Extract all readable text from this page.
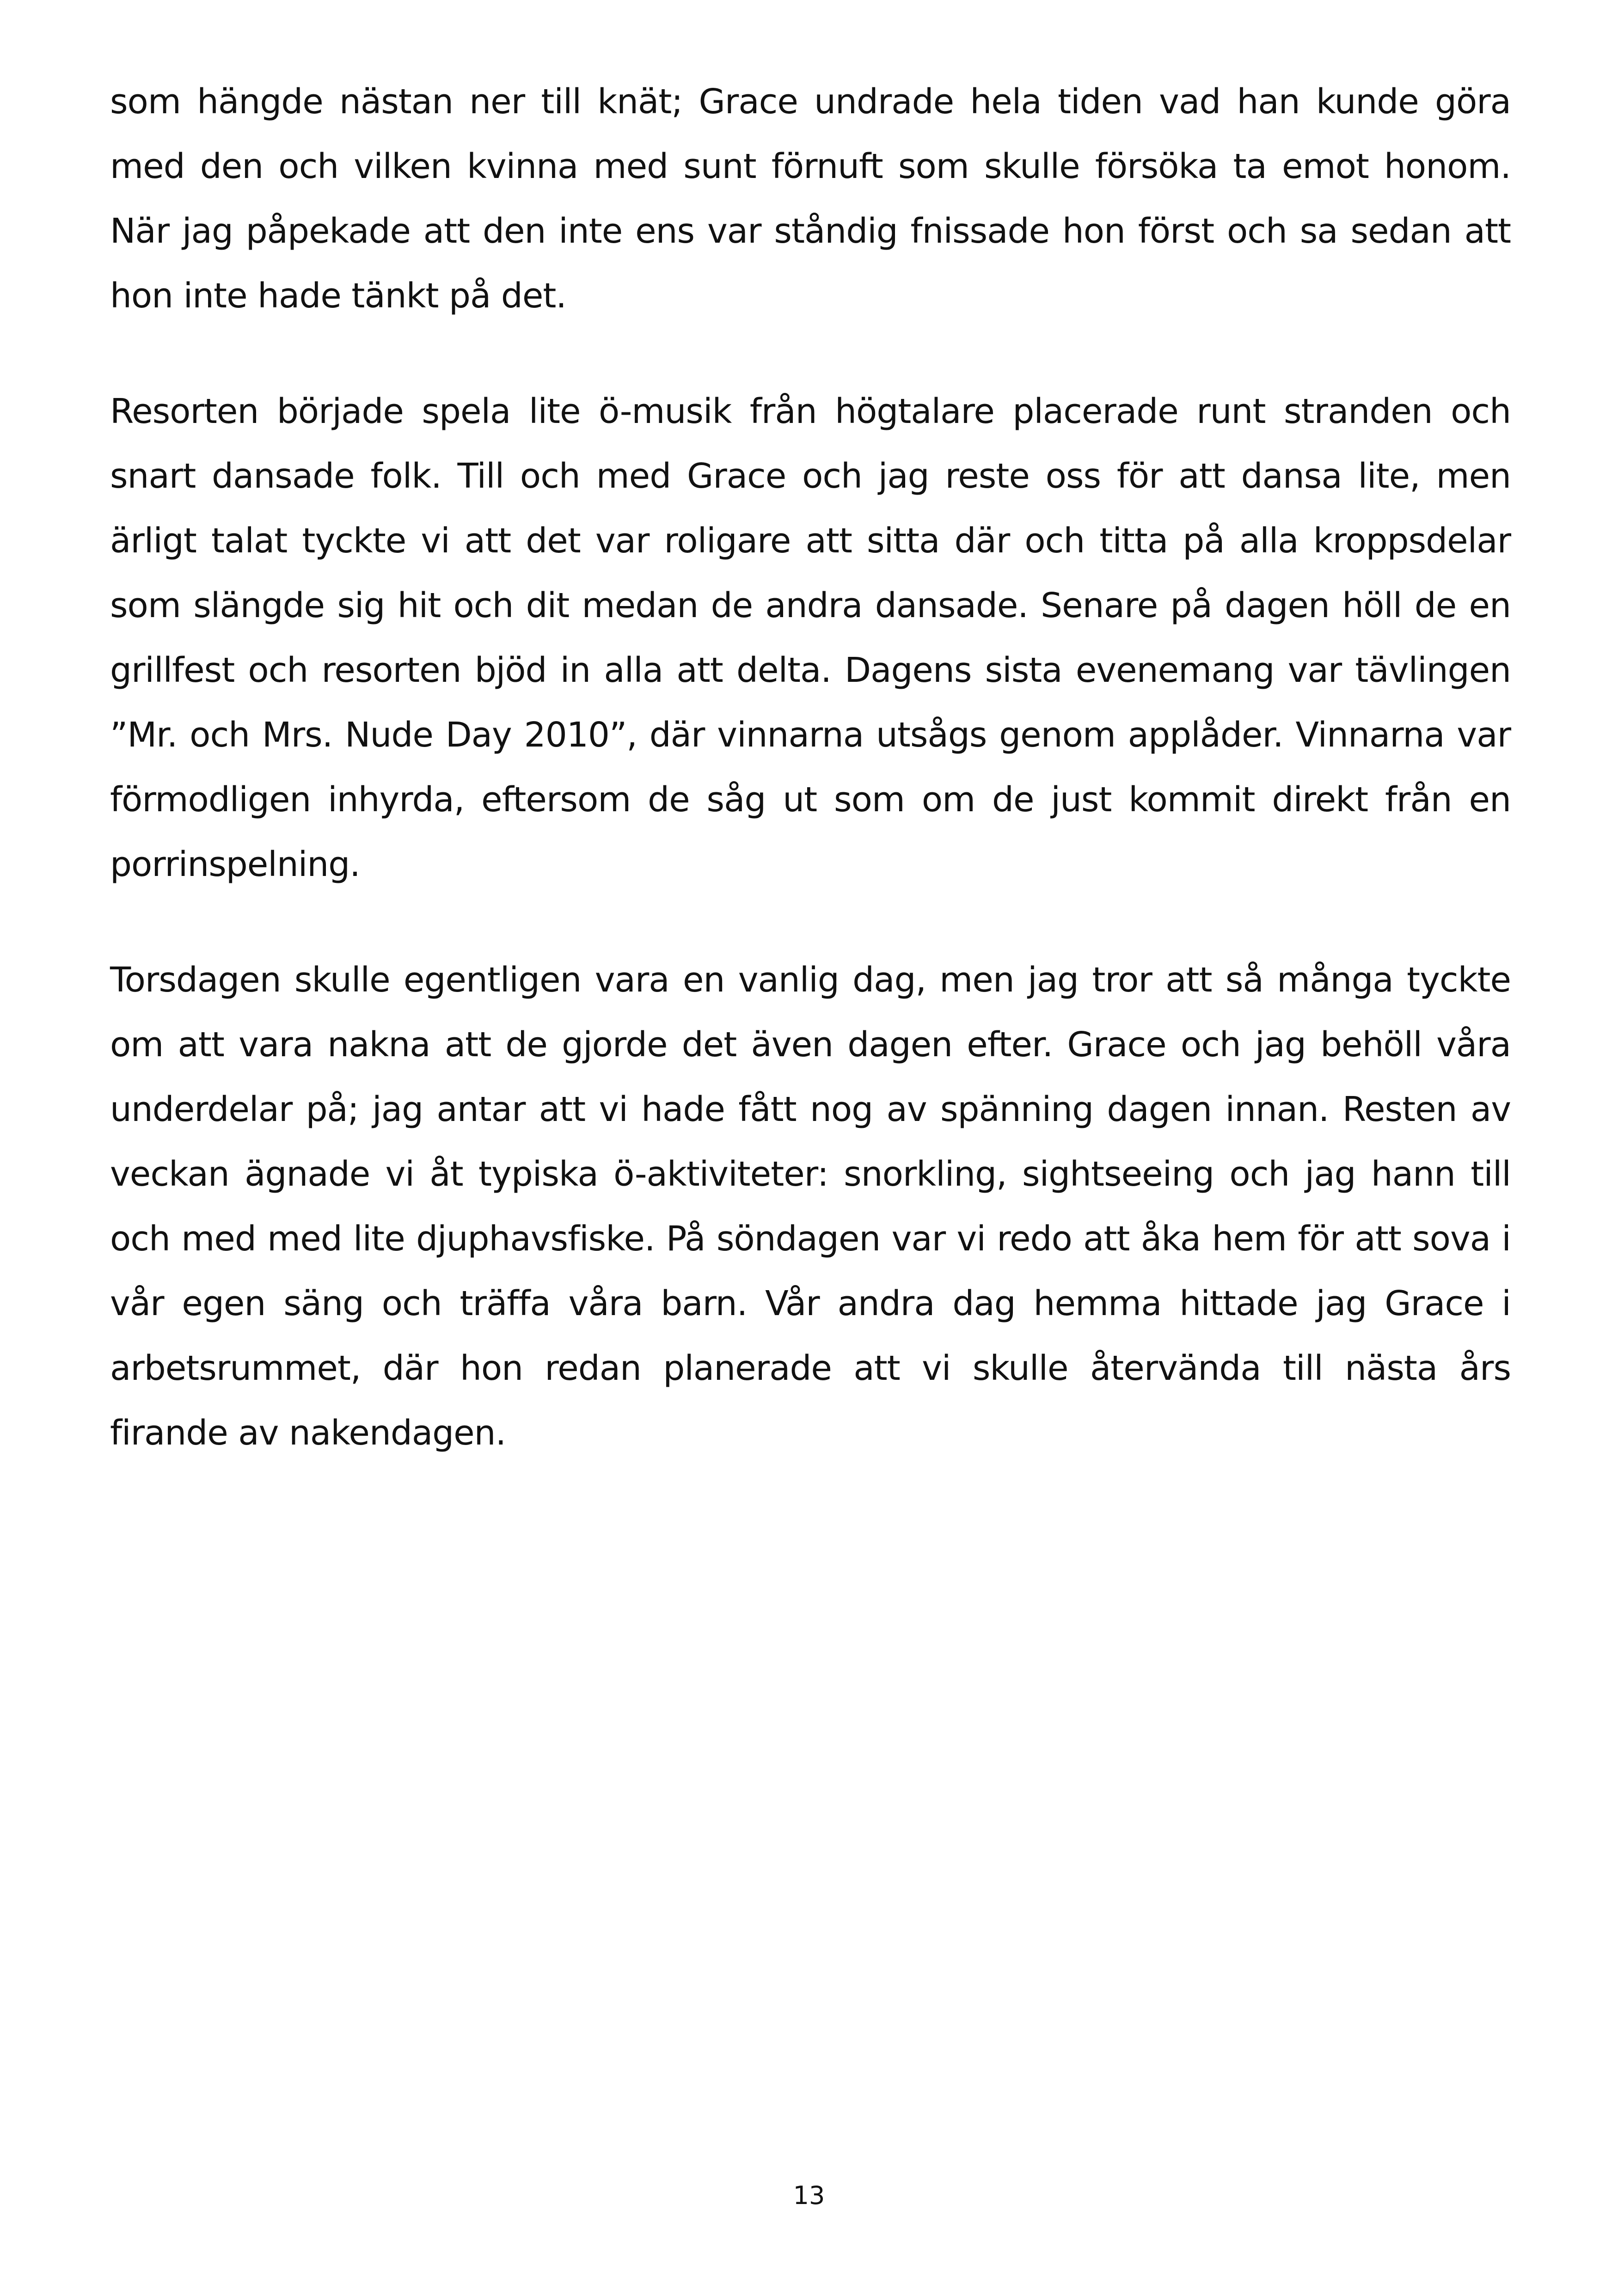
som hängde nästan ner till knät; Grace undrade hela tiden vad han kunde göra med den och vilken kvinna med sunt förnuft som skulle försöka ta emot honom. När jag påpekade att den inte ens var ståndig fnissade hon först och sa sedan att hon inte hade tänkt på det.

Resorten började spela lite ö-musik från högtalare placerade runt stranden och snart dansade folk. Till och med Grace och jag reste oss för att dansa lite, men ärligt talat tyckte vi att det var roligare att sitta där och titta på alla kroppsdelar som slängde sig hit och dit medan de andra dansade. Senare på dagen höll de en grillfest och resorten bjöd in alla att delta. Dagens sista evenemang var tävlingen ”Mr. och Mrs. Nude Day 2010”, där vinnarna utsågs genom applåder. Vinnarna var förmodligen inhyrda, eftersom de såg ut som om de just kommit direkt från en porrinspelning.

Torsdagen skulle egentligen vara en vanlig dag, men jag tror att så många tyckte om att vara nakna att de gjorde det även dagen efter. Grace och jag behöll våra underdelar på; jag antar att vi hade fått nog av spänning dagen innan. Resten av veckan ägnade vi åt typiska ö-aktiviteter: snorkling, sightseeing och jag hann till och med med lite djuphavsfiske. På söndagen var vi redo att åka hem för att sova i vår egen säng och träffa våra barn. Vår andra dag hemma hittade jag Grace i arbetsrummet, där hon redan planerade att vi skulle återvända till nästa års firande av nakendagen.

13
